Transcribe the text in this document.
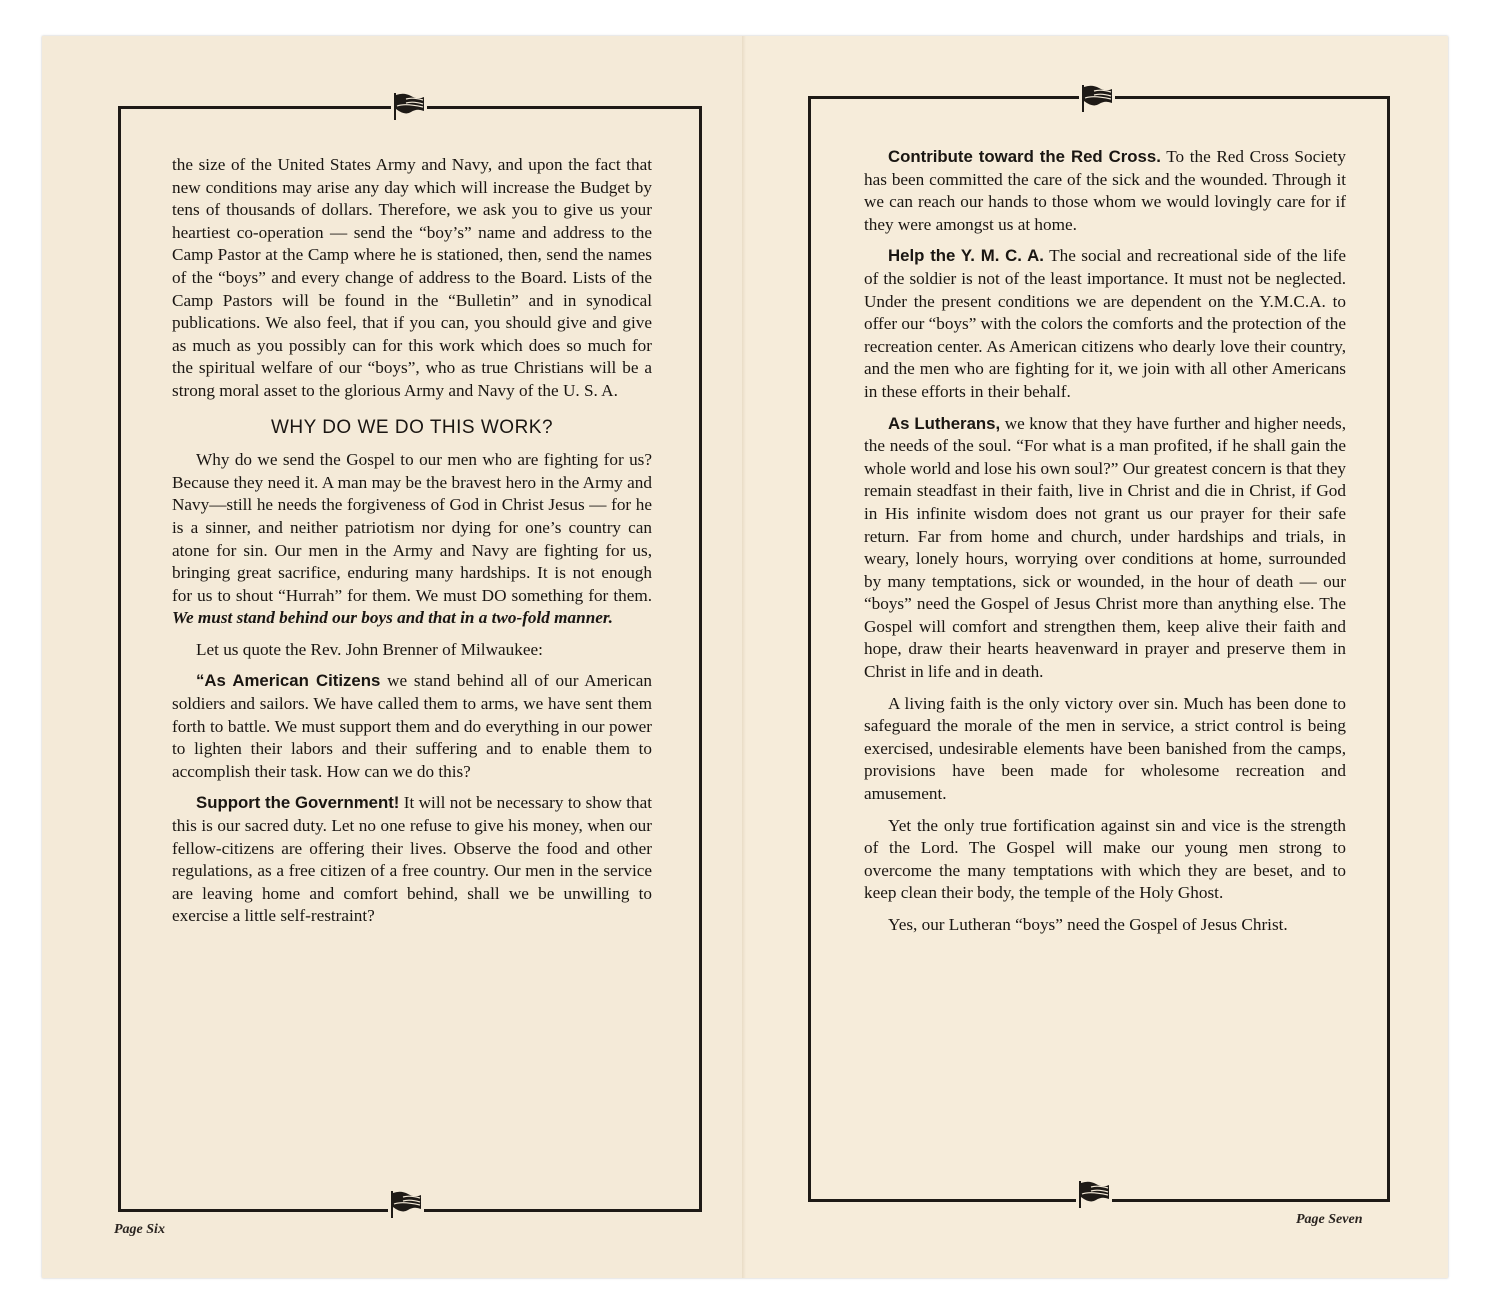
the size of the United States Army and Navy, and upon the fact that new conditions may arise any day which will increase the Budget by tens of thousands of dollars. Therefore, we ask you to give us your heartiest co-operation — send the “boy’s” name and address to the Camp Pastor at the Camp where he is stationed, then, send the names of the “boys” and every change of address to the Board. Lists of the Camp Pastors will be found in the “Bulletin” and in synodical publications. We also feel, that if you can, you should give and give as much as you possibly can for this work which does so much for the spiritual welfare of our “boys”, who as true Christians will be a strong moral asset to the glorious Army and Navy of the U. S. A.

WHY DO WE DO THIS WORK?

Why do we send the Gospel to our men who are fighting for us? Because they need it. A man may be the bravest hero in the Army and Navy—still he needs the forgiveness of God in Christ Jesus — for he is a sinner, and neither patriotism nor dying for one’s country can atone for sin. Our men in the Army and Navy are fighting for us, bringing great sacrifice, enduring many hardships. It is not enough for us to shout “Hurrah” for them. We must DO something for them. We must stand behind our boys and that in a two-fold manner.

Let us quote the Rev. John Brenner of Milwaukee:

“As American Citizens we stand behind all of our American soldiers and sailors. We have called them to arms, we have sent them forth to battle. We must support them and do everything in our power to lighten their labors and their suffering and to enable them to accomplish their task. How can we do this?

Support the Government! It will not be necessary to show that this is our sacred duty. Let no one refuse to give his money, when our fellow-citizens are offering their lives. Observe the food and other regulations, as a free citizen of a free country. Our men in the service are leaving home and comfort behind, shall we be unwilling to exercise a little self-restraint?

Page Six

Contribute toward the Red Cross. To the Red Cross Society has been committed the care of the sick and the wounded. Through it we can reach our hands to those whom we would lovingly care for if they were amongst us at home.

Help the Y. M. C. A. The social and recreational side of the life of the soldier is not of the least importance. It must not be neglected. Under the present conditions we are dependent on the Y.M.C.A. to offer our “boys” with the colors the comforts and the protection of the recreation center. As American citizens who dearly love their country, and the men who are fighting for it, we join with all other Americans in these efforts in their behalf.

As Lutherans, we know that they have further and higher needs, the needs of the soul. “For what is a man profited, if he shall gain the whole world and lose his own soul?” Our greatest concern is that they remain steadfast in their faith, live in Christ and die in Christ, if God in His infinite wisdom does not grant us our prayer for their safe return. Far from home and church, under hardships and trials, in weary, lonely hours, worrying over conditions at home, surrounded by many temptations, sick or wounded, in the hour of death — our “boys” need the Gospel of Jesus Christ more than anything else. The Gospel will comfort and strengthen them, keep alive their faith and hope, draw their hearts heavenward in prayer and preserve them in Christ in life and in death.

A living faith is the only victory over sin. Much has been done to safeguard the morale of the men in service, a strict control is being exercised, undesirable elements have been banished from the camps, provisions have been made for wholesome recreation and amusement.

Yet the only true fortification against sin and vice is the strength of the Lord. The Gospel will make our young men strong to overcome the many temptations with which they are beset, and to keep clean their body, the temple of the Holy Ghost.

Yes, our Lutheran “boys” need the Gospel of Jesus Christ.

Page Seven
